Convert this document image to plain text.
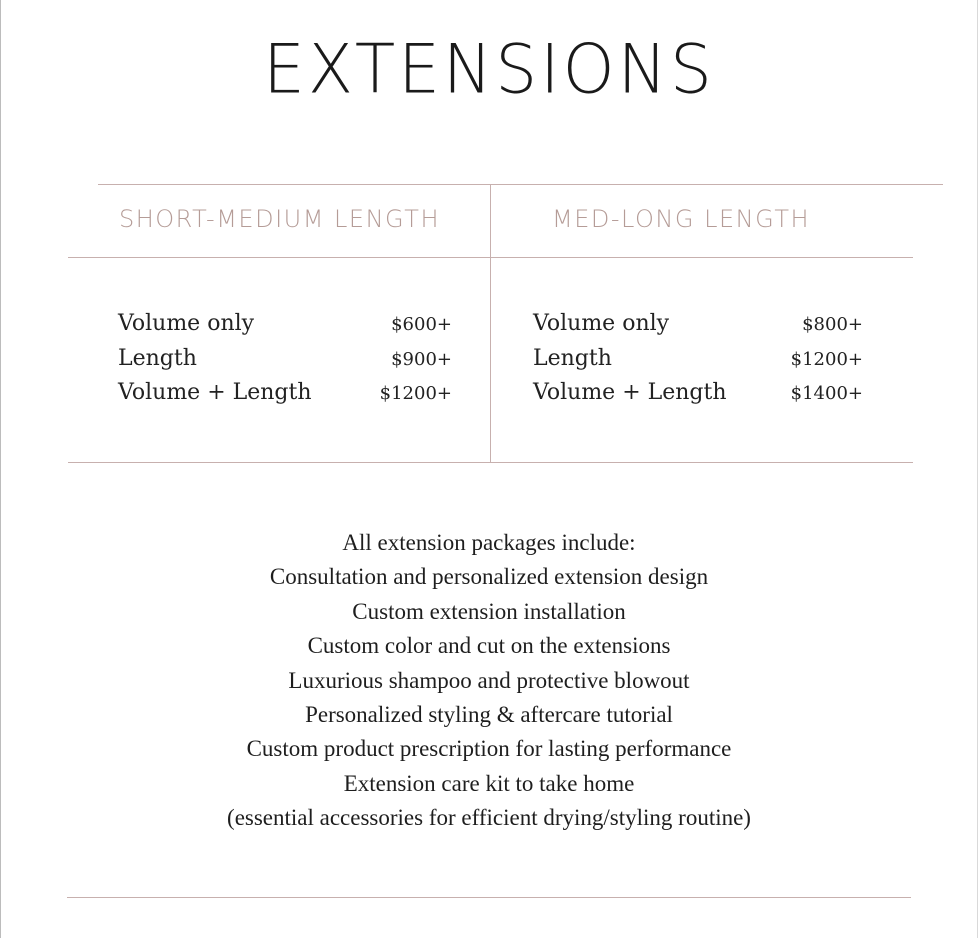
EXTENSIONS
SHORT-MEDIUM LENGTH	MED-LONG LENGTH
Volume only	$600+
Length	$900+
Volume + Length	$1200+
Volume only	$800+
Length	$1200+
Volume + Length	$1400+
All extension packages include:
Consultation and personalized extension design
Custom extension installation
Custom color and cut on the extensions
Luxurious shampoo and protective blowout
Personalized styling & aftercare tutorial
Custom product prescription for lasting performance
Extension care kit to take home
(essential accessories for efficient drying/styling routine)
